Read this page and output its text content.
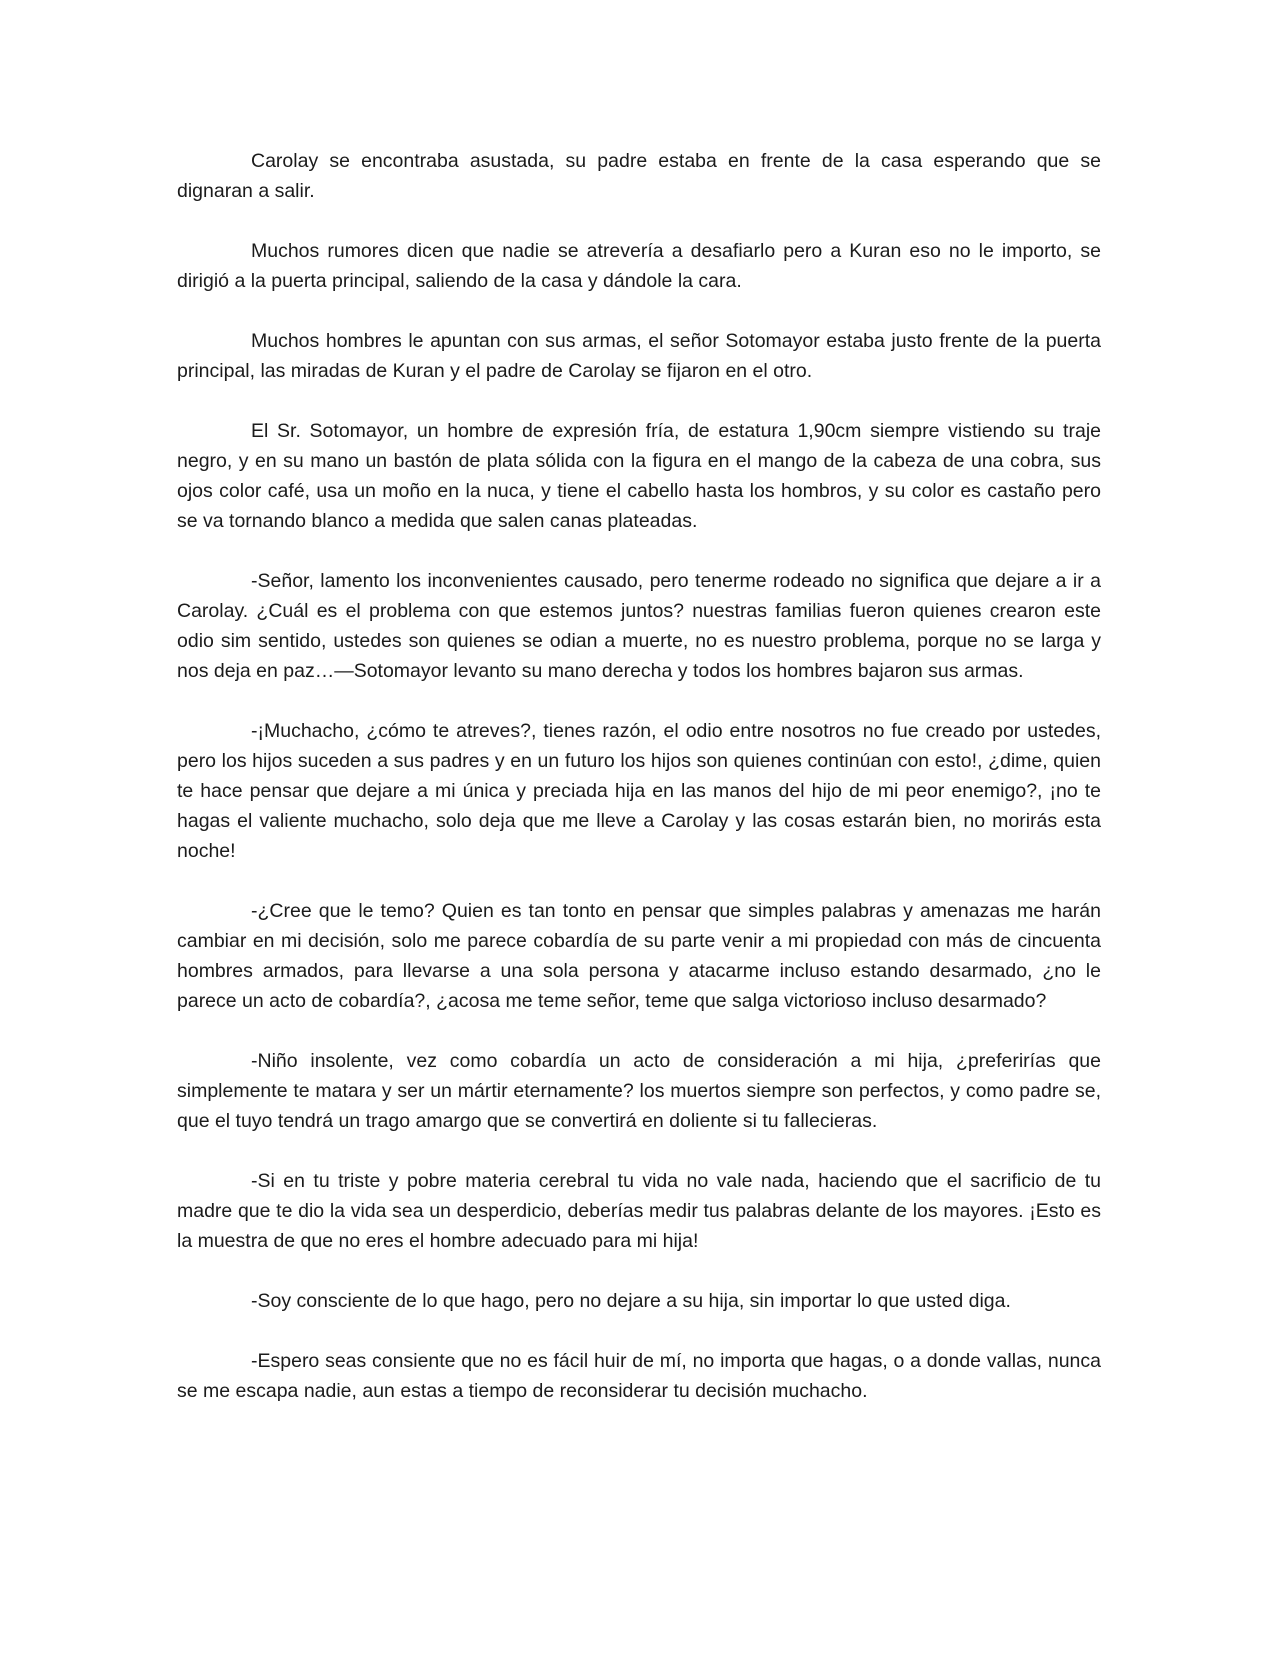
Carolay se encontraba asustada, su padre estaba en frente de la casa esperando que se dignaran a salir.

Muchos rumores dicen que nadie se atrevería a desafiarlo pero a Kuran eso no le importo, se dirigió a la puerta principal, saliendo de la casa y dándole la cara.

Muchos hombres le apuntan con sus armas, el señor Sotomayor estaba justo frente de la puerta principal, las miradas de Kuran y el padre de Carolay se fijaron en el otro.

El Sr. Sotomayor, un hombre de expresión fría, de estatura 1,90cm siempre vistiendo su traje negro, y en su mano un bastón de plata sólida con la figura en el mango de la cabeza de una cobra, sus ojos color café, usa un moño en la nuca, y tiene el cabello hasta los hombros, y su color es castaño pero se va tornando blanco a medida que salen canas plateadas.

-Señor, lamento los inconvenientes causado, pero tenerme rodeado no significa que dejare a ir a Carolay. ¿Cuál es el problema con que estemos juntos? nuestras familias fueron quienes crearon este odio sim sentido, ustedes son quienes se odian a muerte, no es nuestro problema, porque no se larga y nos deja en paz…—Sotomayor levanto su mano derecha y todos los hombres bajaron sus armas.

-¡Muchacho, ¿cómo te atreves?, tienes razón, el odio entre nosotros no fue creado por ustedes, pero los hijos suceden a sus padres y en un futuro los hijos son quienes continúan con esto!, ¿dime, quien te hace pensar que dejare a mi única y preciada hija en las manos del hijo de mi peor enemigo?, ¡no te hagas el valiente muchacho, solo deja que me lleve a Carolay y las cosas estarán bien, no morirás esta noche!

-¿Cree que le temo? Quien es tan tonto en pensar que simples palabras y amenazas me harán cambiar en mi decisión, solo me parece cobardía de su parte venir a mi propiedad con más de cincuenta hombres armados, para llevarse a una sola persona y atacarme incluso estando desarmado, ¿no le parece un acto de cobardía?, ¿acosa me teme señor, teme que salga victorioso incluso desarmado?

-Niño insolente, vez como cobardía un acto de consideración a mi hija, ¿preferirías que simplemente te matara y ser un mártir eternamente? los muertos siempre son perfectos, y como padre se, que el tuyo tendrá un trago amargo que se convertirá en doliente si tu fallecieras.

-Si en tu triste y pobre materia cerebral tu vida no vale nada, haciendo que el sacrificio de tu madre que te dio la vida sea un desperdicio, deberías medir tus palabras delante de los mayores. ¡Esto es la muestra de que no eres el hombre adecuado para mi hija!

-Soy consciente de lo que hago, pero no dejare a su hija, sin importar lo que usted diga.

-Espero seas consiente que no es fácil huir de mí, no importa que hagas, o a donde vallas, nunca se me escapa nadie, aun estas a tiempo de reconsiderar tu decisión muchacho.
